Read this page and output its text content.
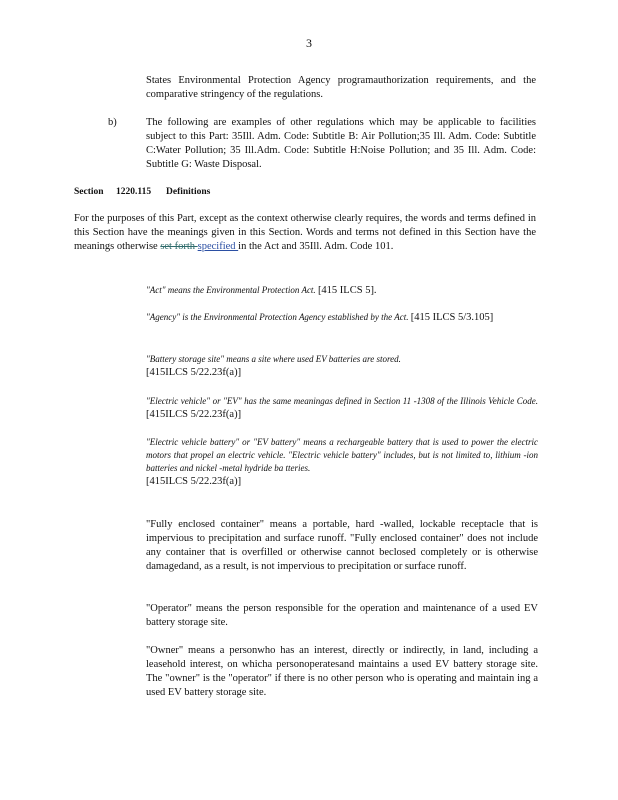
3
States Environmental Protection Agency programauthorization requirements, and the comparative stringency of the regulations.
b)	The following are examples of other regulations which may be applicable to facilities subject to this Part: 35Ill. Adm. Code: Subtitle B: Air Pollution;35 Ill. Adm. Code: Subtitle C:Water Pollution; 35 Ill.Adm. Code: Subtitle H:Noise Pollution; and 35 Ill. Adm. Code: Subtitle G: Waste Disposal.
Section 1220.115 Definitions
For the purposes of this Part, except as the context otherwise clearly requires, the words and terms defined in this Section have the meanings given in this Section. Words and terms not defined in this Section have the meanings otherwise set forth specified in the Act and 35Ill. Adm. Code 101.
"Act" means the Environmental Protection Act. [415 ILCS 5].
"Agency" is the Environmental Protection Agency established by the Act. [415 ILCS 5/3.105]
"Battery storage site" means a site where used EV batteries are stored.
[415ILCS 5/22.23f(a)]
"Electric vehicle" or "EV" has the same meaningas defined in Section 11 -1308 of the Illinois Vehicle Code. [415ILCS 5/22.23f(a)]
"Electric vehicle battery" or "EV battery" means a rechargeable battery that is used to power the electric motors that propel an electric vehicle. "Electric vehicle battery" includes, but is not limited to, lithium -ion batteries and nickel -metal hydride ba tteries.
[415ILCS 5/22.23f(a)]
"Fully enclosed container" means a portable, hard -walled, lockable receptacle that is impervious to precipitation and surface runoff. "Fully enclosed container" does not include any container that is overfilled or otherwise cannot beclosed completely or is otherwise damagedand, as a result, is not impervious to precipitation or surface runoff.
"Operator" means the person responsible for the operation and maintenance of a used EV battery storage site.
"Owner" means a personwho has an interest, directly or indirectly, in land, including a leasehold interest, on whicha personoperatesand maintains a used EV battery storage site. The "owner" is the "operator" if there is no other person who is operating and maintain ing a used EV battery storage site.
